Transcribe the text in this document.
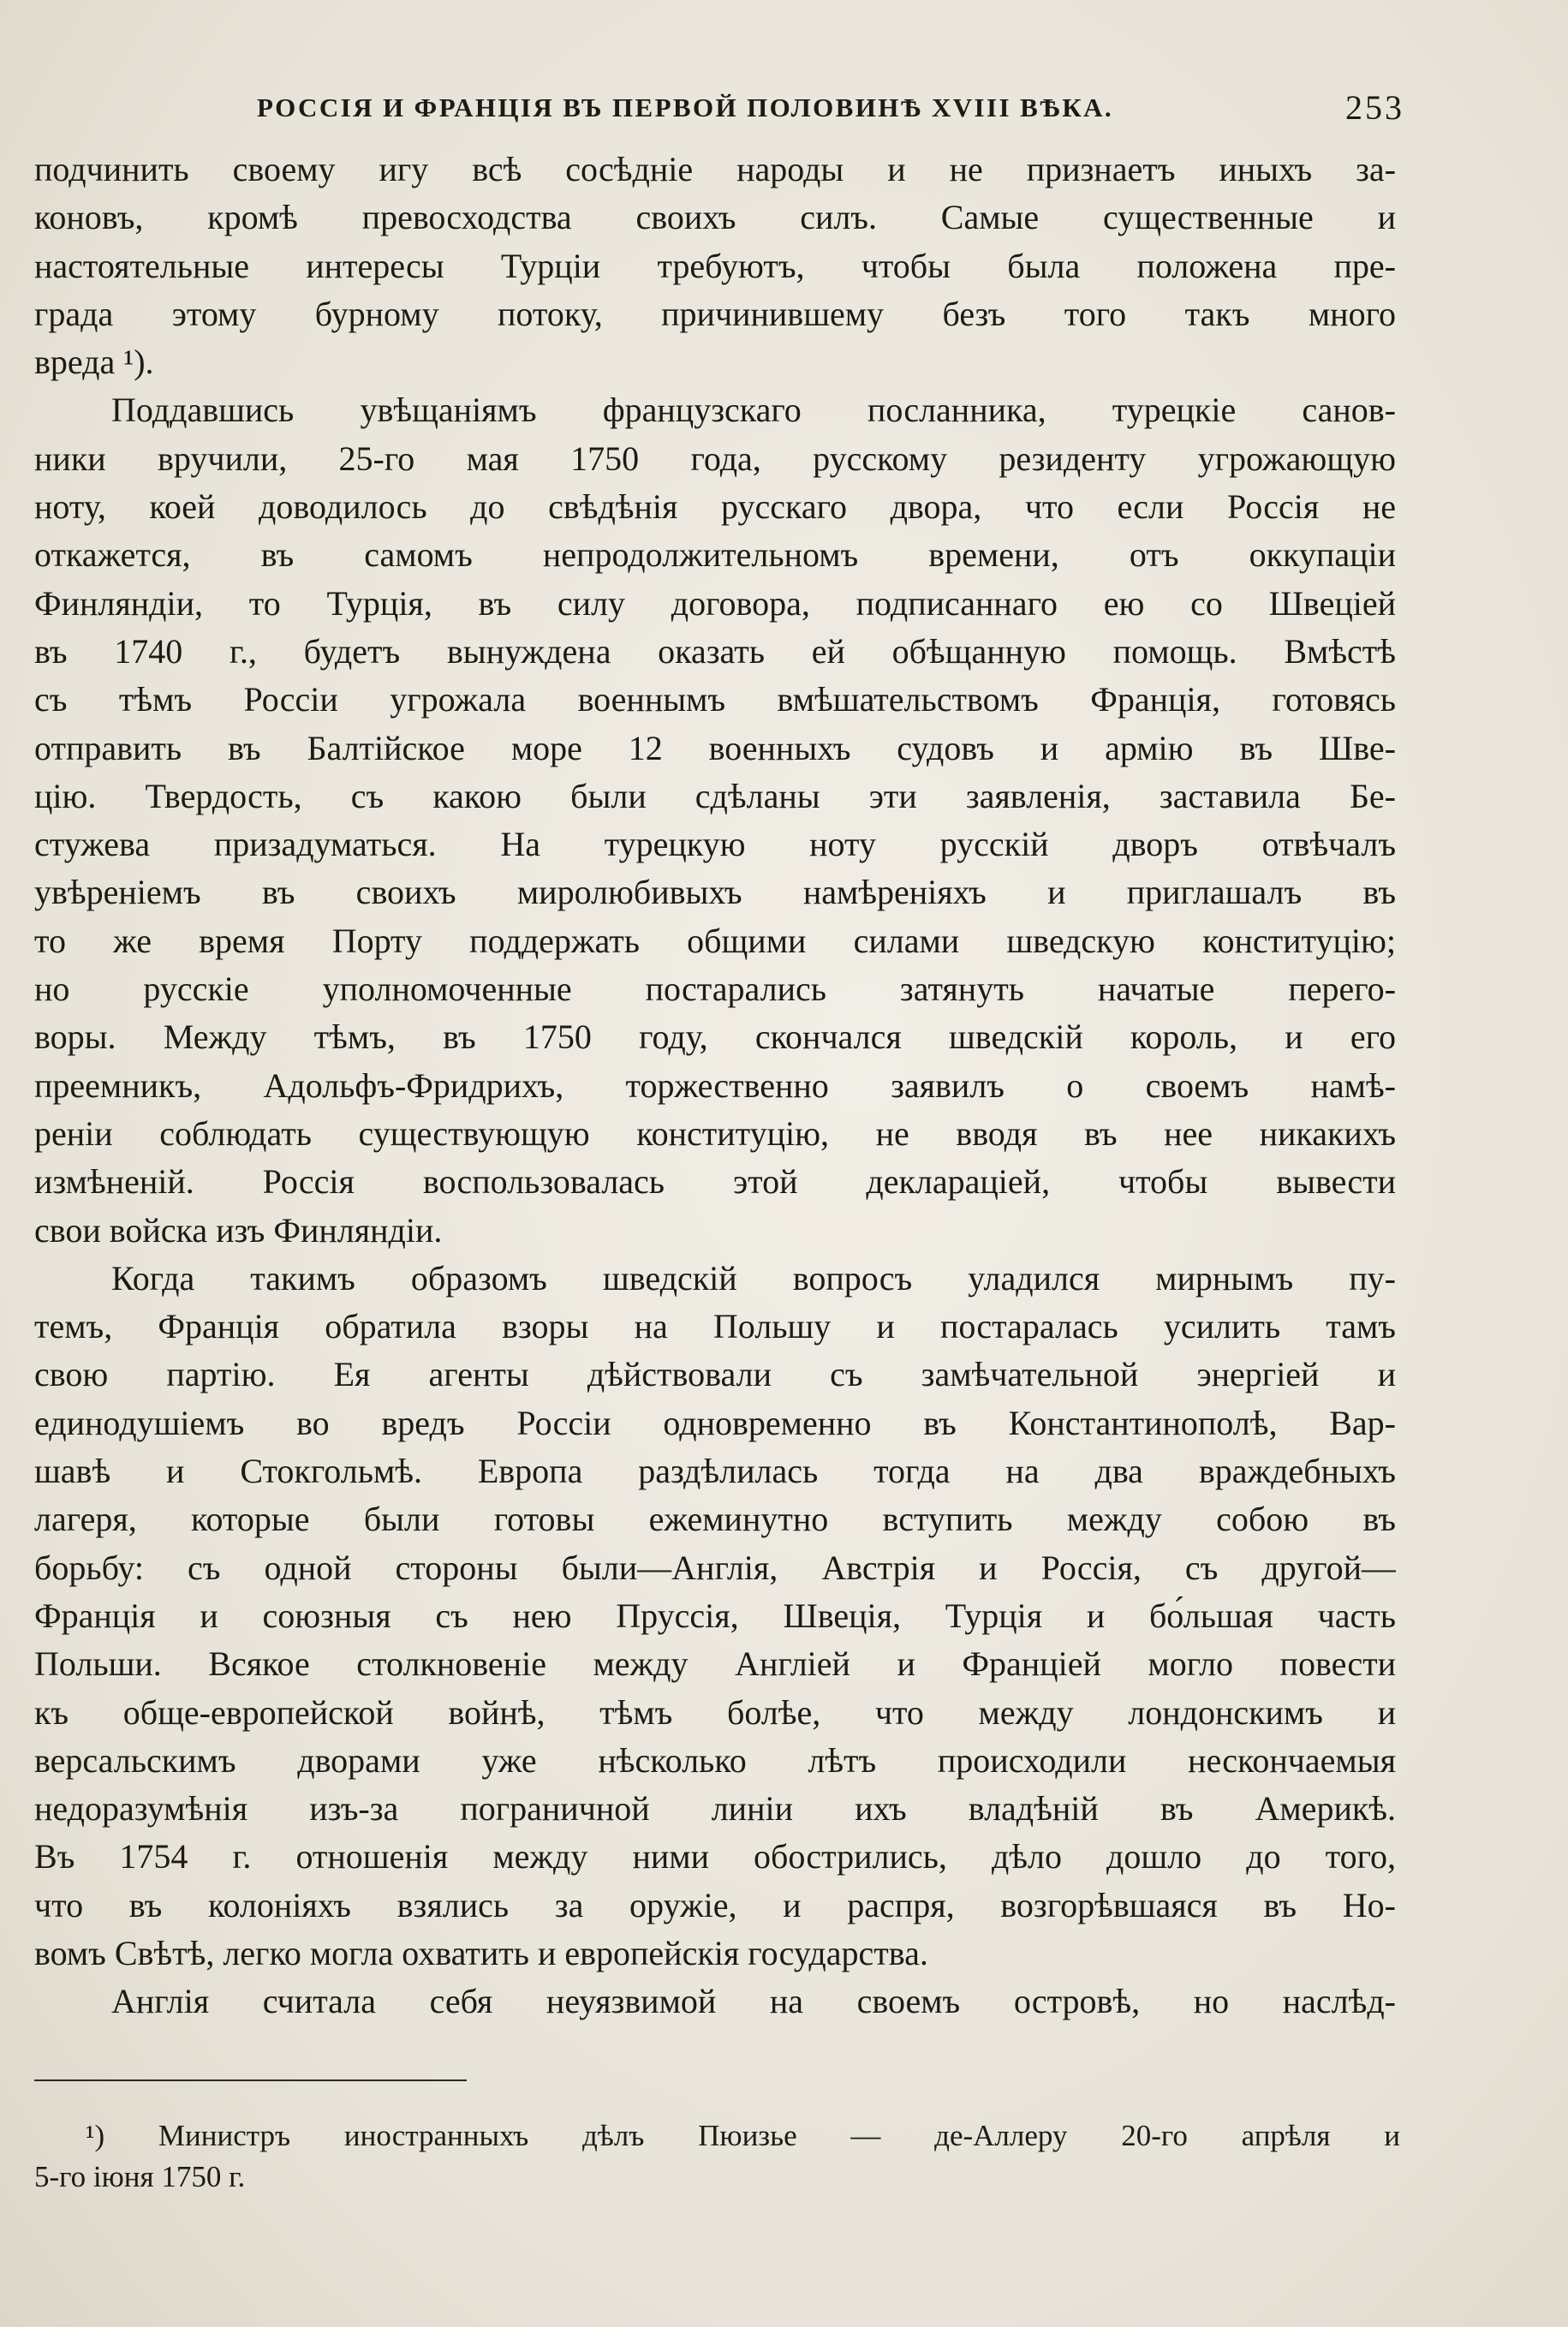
РОССІЯ И ФРАНЦІЯ ВЪ ПЕРВОЙ ПОЛОВИНѢ XVIII ВѢКА.	253
подчинить своему игу всѣ сосѣдніе народы и не признаетъ иныхъ за-
коновъ, кромѣ превосходства своихъ силъ. Самые существенные и
настоятельные интересы Турціи требуютъ, чтобы была положена пре-
града этому бурному потоку, причинившему безъ того такъ много
вреда ¹).
Поддавшись увѣщаніямъ французскаго посланника, турецкіе санов-
ники вручили, 25-го мая 1750 года, русскому резиденту угрожающую
ноту, коей доводилось до свѣдѣнія русскаго двора, что если Россія не
откажется, въ самомъ непродолжительномъ времени, отъ оккупаціи
Финляндіи, то Турція, въ силу договора, подписаннаго ею со Швеціей
въ 1740 г., будетъ вынуждена оказать ей обѣщанную помощь. Вмѣстѣ
съ тѣмъ Россіи угрожала военнымъ вмѣшательствомъ Франція, готовясь
отправить въ Балтійское море 12 военныхъ судовъ и армію въ Шве-
цію. Твердость, съ какою были сдѣланы эти заявленія, заставила Бе-
стужева призадуматься. На турецкую ноту русскій дворъ отвѣчалъ
увѣреніемъ въ своихъ миролюбивыхъ намѣреніяхъ и приглашалъ въ
то же время Порту поддержать общими силами шведскую конституцію;
но русскіе уполномоченные постарались затянуть начатые перего-
воры. Между тѣмъ, въ 1750 году, скончался шведскій король, и его
преемникъ, Адольфъ-Фридрихъ, торжественно заявилъ о своемъ намѣ-
реніи соблюдать существующую конституцію, не вводя въ нее никакихъ
измѣненій. Россія воспользовалась этой декларацiей, чтобы вывести
свои войска изъ Финляндіи.
Когда такимъ образомъ шведскій вопросъ уладился мирнымъ пу-
темъ, Франція обратила взоры на Польшу и постаралась усилить тамъ
свою партію. Ея агенты дѣйствовали съ замѣчательной энергіей и
единодушіемъ во вредъ Россіи одновременно въ Константинополѣ, Вар-
шавѣ и Стокгольмѣ. Европа раздѣлилась тогда на два враждебныхъ
лагеря, которые были готовы ежеминутно вступить между собою въ
борьбу: съ одной стороны были—Англія, Австрія и Россія, съ другой—
Франція и союзныя съ нею Пруссія, Швеція, Турція и бо́льшая часть
Польши. Всякое столкновеніе между Англіей и Франціей могло повести
къ обще-европейской войнѣ, тѣмъ болѣе, что между лондонскимъ и
версальскимъ дворами уже нѣсколько лѣтъ происходили нескончаемыя
недоразумѣнія изъ-за пограничной линіи ихъ владѣній въ Америкѣ.
Въ 1754 г. отношенія между ними обострились, дѣло дошло до того,
что въ колоніяхъ взялись за оружіе, и распря, возгорѣвшаяся въ Но-
вомъ Свѣтѣ, легко могла охватить и европейскія государства.
Англія считала себя неуязвимой на своемъ островѣ, но наслѣд-
¹) Министръ иностранныхъ дѣлъ Пюизье — де-Аллеру 20-го апрѣля и
5-го іюня 1750 г.
